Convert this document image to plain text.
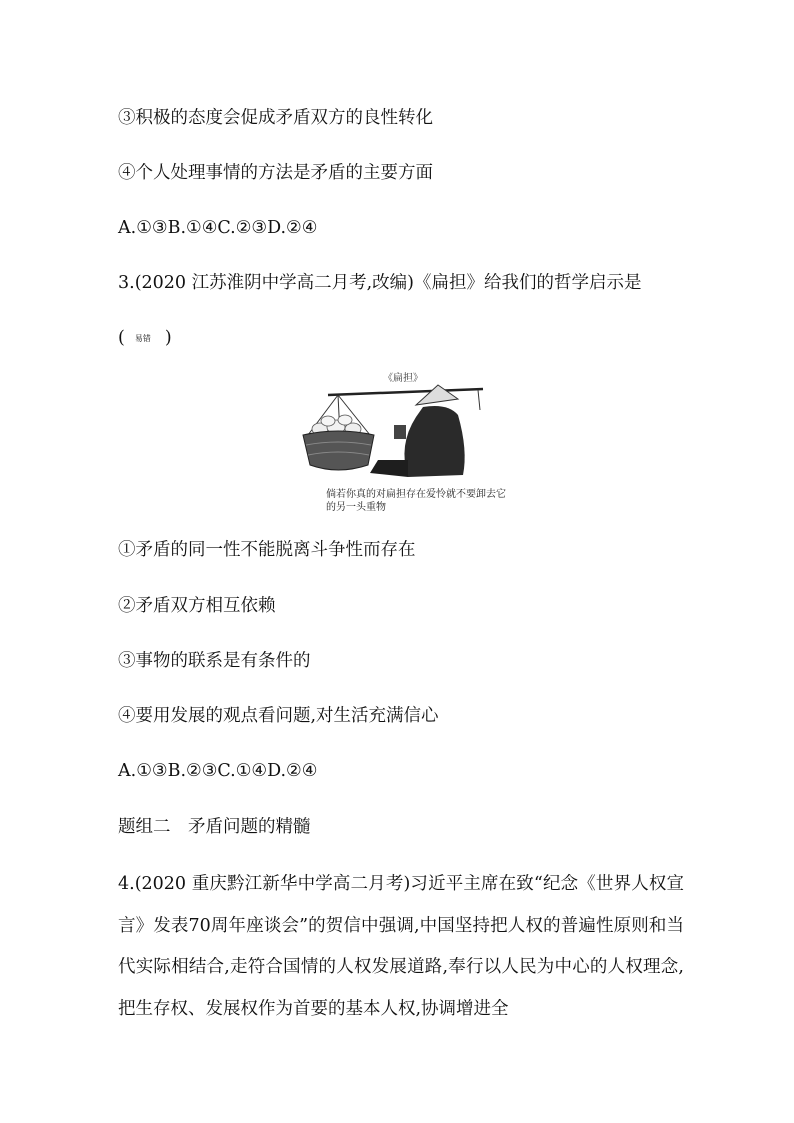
③积极的态度会促成矛盾双方的良性转化
④个人处理事情的方法是矛盾的主要方面
A.①③B.①④C.②③D.②④
3.(2020 江苏淮阴中学高二月考,改编)《扁担》给我们的哲学启示是
( 易错 )
《扁担》
倘若你真的对扁担存在爱怜就不要卸去它的另一头重物
①矛盾的同一性不能脱离斗争性而存在
②矛盾双方相互依赖
③事物的联系是有条件的
④要用发展的观点看问题,对生活充满信心
A.①③B.②③C.①④D.②④
题组二　矛盾问题的精髓
4.(2020 重庆黔江新华中学高二月考)习近平主席在致“纪念《世界人权宣言》发表70周年座谈会”的贺信中强调,中国坚持把人权的普遍性原则和当代实际相结合,走符合国情的人权发展道路,奉行以人民为中心的人权理念,把生存权、发展权作为首要的基本人权,协调增进全
